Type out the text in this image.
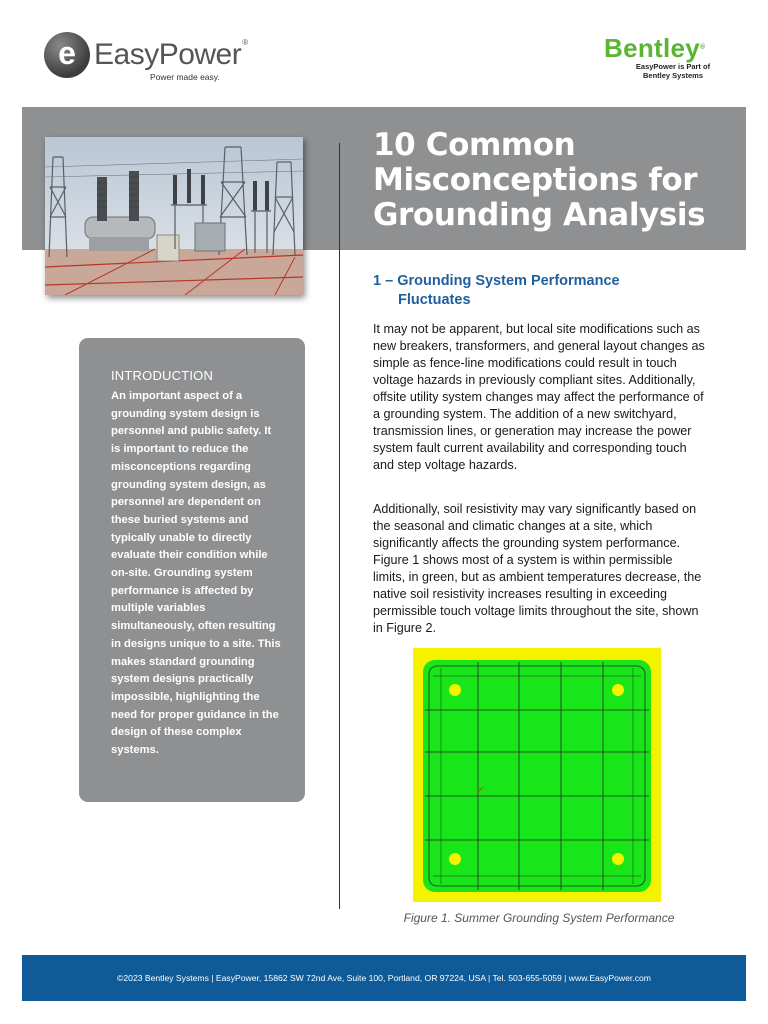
e EasyPower®
Power made easy.
Bentley®
EasyPower is Part of
Bentley Systems
10 Common Misconceptions for Grounding Analysis
INTRODUCTION

An important aspect of a grounding system design is personnel and public safety. It is important to reduce the misconceptions regarding grounding system design, as personnel are dependent on these buried systems and typically unable to directly evaluate their condition while on-site. Grounding system performance is affected by multiple variables simultaneously, often resulting in designs unique to a site. This makes standard grounding system designs practically impossible, highlighting the need for proper guidance in the design of these complex systems.

1 – Grounding System Performance
Fluctuates

It may not be apparent, but local site modifications such as new breakers, transformers, and general layout changes as simple as fence-line modifications could result in touch voltage hazards in previously compliant sites. Additionally, offsite utility system changes may affect the performance of a grounding system. The addition of a new switchyard, transmission lines, or generation may increase the power system fault current availability and corresponding touch and step voltage hazards.

Additionally, soil resistivity may vary significantly based on the seasonal and climatic changes at a site, which significantly affects the grounding system performance. Figure 1 shows most of a system is within permissible limits, in green, but as ambient temperatures decrease, the native soil resistivity increases resulting in exceeding permissible touch voltage limits throughout the site, shown in Figure 2.

Figure 1. Summer Grounding System Performance
©2023 Bentley Systems | EasyPower, 15862 SW 72nd Ave, Suite 100, Portland, OR 97224, USA | Tel. 503-655-5059 | www.EasyPower.com
